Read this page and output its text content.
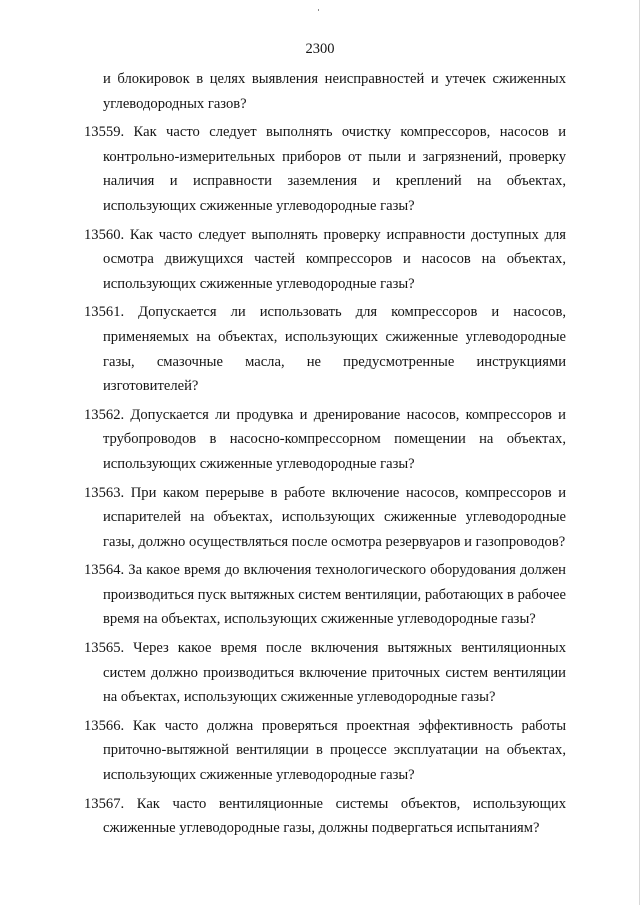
2300

и блокировок в целях выявления неисправностей и утечек сжиженных углеводородных газов?

13559. Как часто следует выполнять очистку компрессоров, насосов и контрольно-измерительных приборов от пыли и загрязнений, проверку наличия и исправности заземления и креплений на объектах, использующих сжиженные углеводородные газы?

13560. Как часто следует выполнять проверку исправности доступных для осмотра движущихся частей компрессоров и насосов на объектах, использующих сжиженные углеводородные газы?

13561. Допускается ли использовать для компрессоров и насосов, применяемых на объектах, использующих сжиженные углеводородные газы, смазочные масла, не предусмотренные инструкциями изготовителей?

13562. Допускается ли продувка и дренирование насосов, компрессоров и трубопроводов в насосно-компрессорном помещении на объектах, использующих сжиженные углеводородные газы?

13563. При каком перерыве в работе включение насосов, компрессоров и испарителей на объектах, использующих сжиженные углеводородные газы, должно осуществляться после осмотра резервуаров и газопроводов?

13564. За какое время до включения технологического оборудования должен производиться пуск вытяжных систем вентиляции, работающих в рабочее время на объектах, использующих сжиженные углеводородные газы?

13565. Через какое время после включения вытяжных вентиляционных систем должно производиться включение приточных систем вентиляции на объектах, использующих сжиженные углеводородные газы?

13566. Как часто должна проверяться проектная эффективность работы приточно-вытяжной вентиляции в процессе эксплуатации на объектах, использующих сжиженные углеводородные газы?

13567. Как часто вентиляционные системы объектов, использующих сжиженные углеводородные газы, должны подвергаться испытаниям?
